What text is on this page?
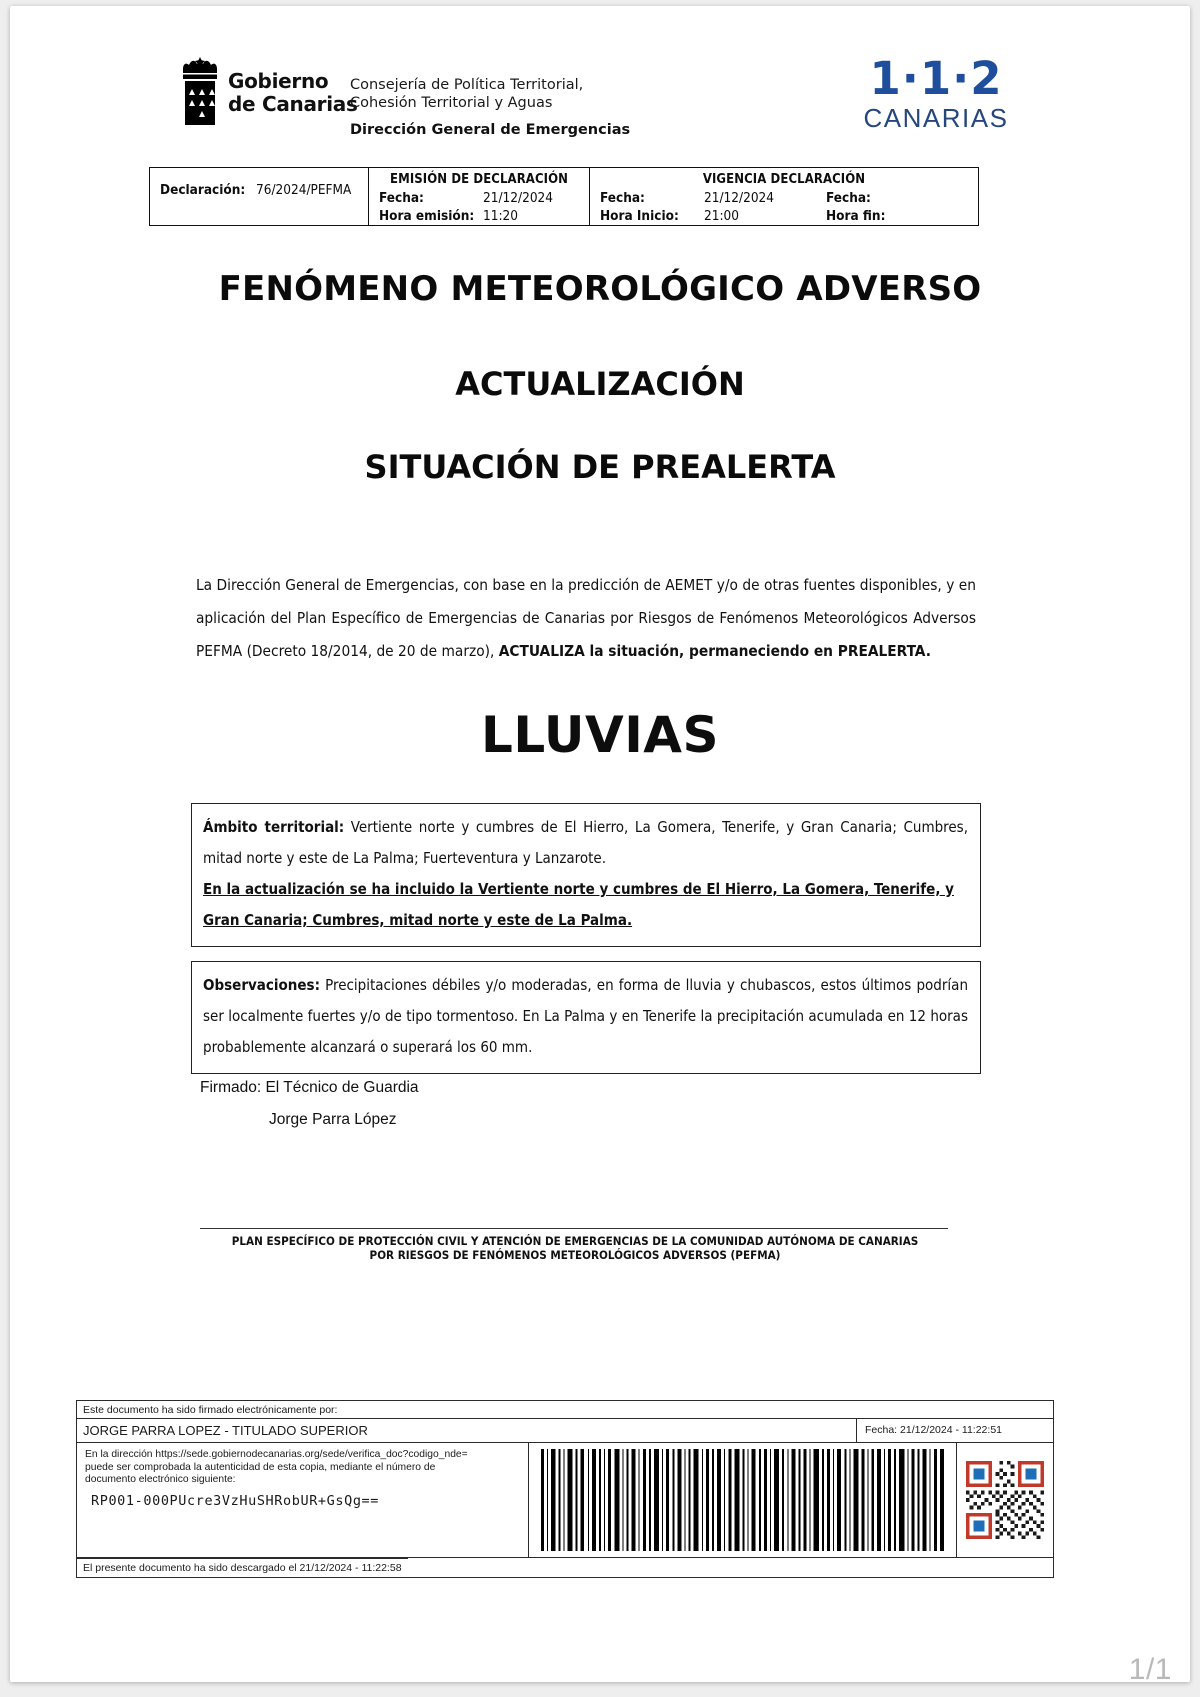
Gobierno
de Canarias
Consejería de Política Territorial,
Cohesión Territorial y Aguas
Dirección General de Emergencias
1·1·2
CANARIAS
Declaración: 76/2024/PEFMA
EMISIÓN DE DECLARACIÓN
Fecha:	21/12/2024
Hora emisión: 11:20
VIGENCIA DECLARACIÓN
Fecha:	21/12/2024	Fecha:
Hora Inicio:	21:00	Hora fin:
FENÓMENO METEOROLÓGICO ADVERSO
ACTUALIZACIÓN
SITUACIÓN DE PREALERTA
La Dirección General de Emergencias, con base en la predicción de AEMET y/o de otras fuentes disponibles, y en aplicación del Plan Específico de Emergencias de Canarias por Riesgos de Fenómenos Meteorológicos Adversos PEFMA (Decreto 18/2014, de 20 de marzo), ACTUALIZA la situación, permaneciendo en PREALERTA.
LLUVIAS
Ámbito territorial: Vertiente norte y cumbres de El Hierro, La Gomera, Tenerife, y Gran Canaria; Cumbres, mitad norte y este de La Palma; Fuerteventura y Lanzarote.
En la actualización se ha incluido la Vertiente norte y cumbres de El Hierro, La Gomera, Tenerife, y Gran Canaria; Cumbres, mitad norte y este de La Palma.
Observaciones: Precipitaciones débiles y/o moderadas, en forma de lluvia y chubascos, estos últimos podrían ser localmente fuertes y/o de tipo tormentoso. En La Palma y en Tenerife la precipitación acumulada en 12 horas probablemente alcanzará o superará los 60 mm.
Firmado: El Técnico de Guardia
Jorge Parra López
PLAN ESPECÍFICO DE PROTECCIÓN CIVIL Y ATENCIÓN DE EMERGENCIAS DE LA COMUNIDAD AUTÓNOMA DE CANARIAS
POR RIESGOS DE FENÓMENOS METEOROLÓGICOS ADVERSOS (PEFMA)
Este documento ha sido firmado electrónicamente por:
JORGE PARRA LOPEZ - TITULADO SUPERIOR	Fecha: 21/12/2024 - 11:22:51
En la dirección https://sede.gobiernodecanarias.org/sede/verifica_doc?codigo_nde=
puede ser comprobada la autenticidad de esta copia, mediante el número de
documento electrónico siguiente:
RP001-000PUcre3VzHuSHRobUR+GsQg==
El presente documento ha sido descargado el 21/12/2024 - 11:22:58
1/1
